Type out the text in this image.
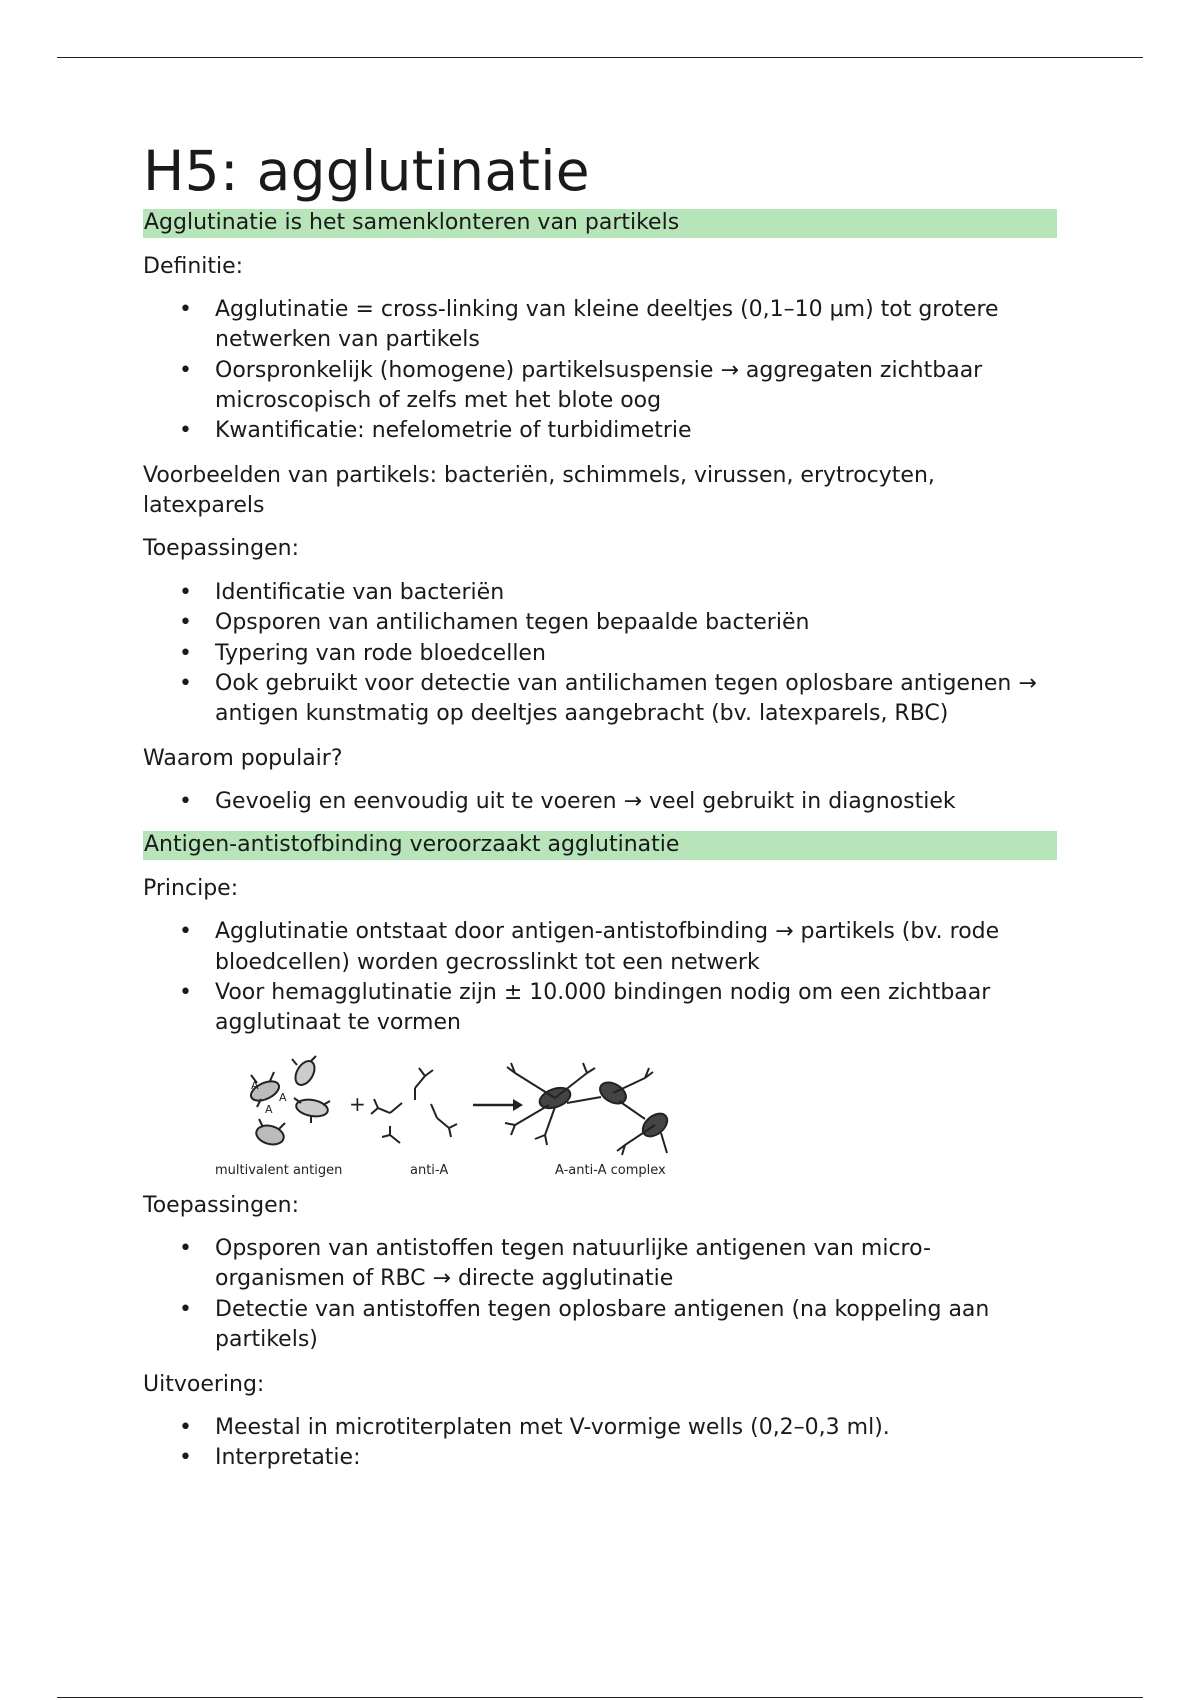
H5: agglutinatie
Agglutinatie is het samenklonteren van partikels

Definitie:

• Agglutinatie = cross-linking van kleine deeltjes (0,1–10 µm) tot grotere netwerken van partikels
• Oorspronkelijk (homogene) partikelsuspensie → aggregaten zichtbaar microscopisch of zelfs met het blote oog
• Kwantificatie: nefelometrie of turbidimetrie

Voorbeelden van partikels: bacteriën, schimmels, virussen, erytrocyten, latexparels

Toepassingen:

• Identificatie van bacteriën
• Opsporen van antilichamen tegen bepaalde bacteriën
• Typering van rode bloedcellen
• Ook gebruikt voor detectie van antilichamen tegen oplosbare antigenen → antigen kunstmatig op deeltjes aangebracht (bv. latexparels, RBC)

Waarom populair?

• Gevoelig en eenvoudig uit te voeren → veel gebruikt in diagnostiek
Antigen-antistofbinding veroorzaakt agglutinatie

Principe:

• Agglutinatie ontstaat door antigen-antistofbinding → partikels (bv. rode bloedcellen) worden gecrosslinkt tot een netwerk
• Voor hemagglutinatie zijn ± 10.000 bindingen nodig om een zichtbaar agglutinaat te vormen
A
A
A	+
multivalent antigen	anti-A	A-anti-A complex

Toepassingen:

• Opsporen van antistoffen tegen natuurlijke antigenen van micro-organismen of RBC → directe agglutinatie
• Detectie van antistoffen tegen oplosbare antigenen (na koppeling aan partikels)

Uitvoering:

• Meestal in microtiterplaten met V-vormige wells (0,2–0,3 ml).
• Interpretatie:
